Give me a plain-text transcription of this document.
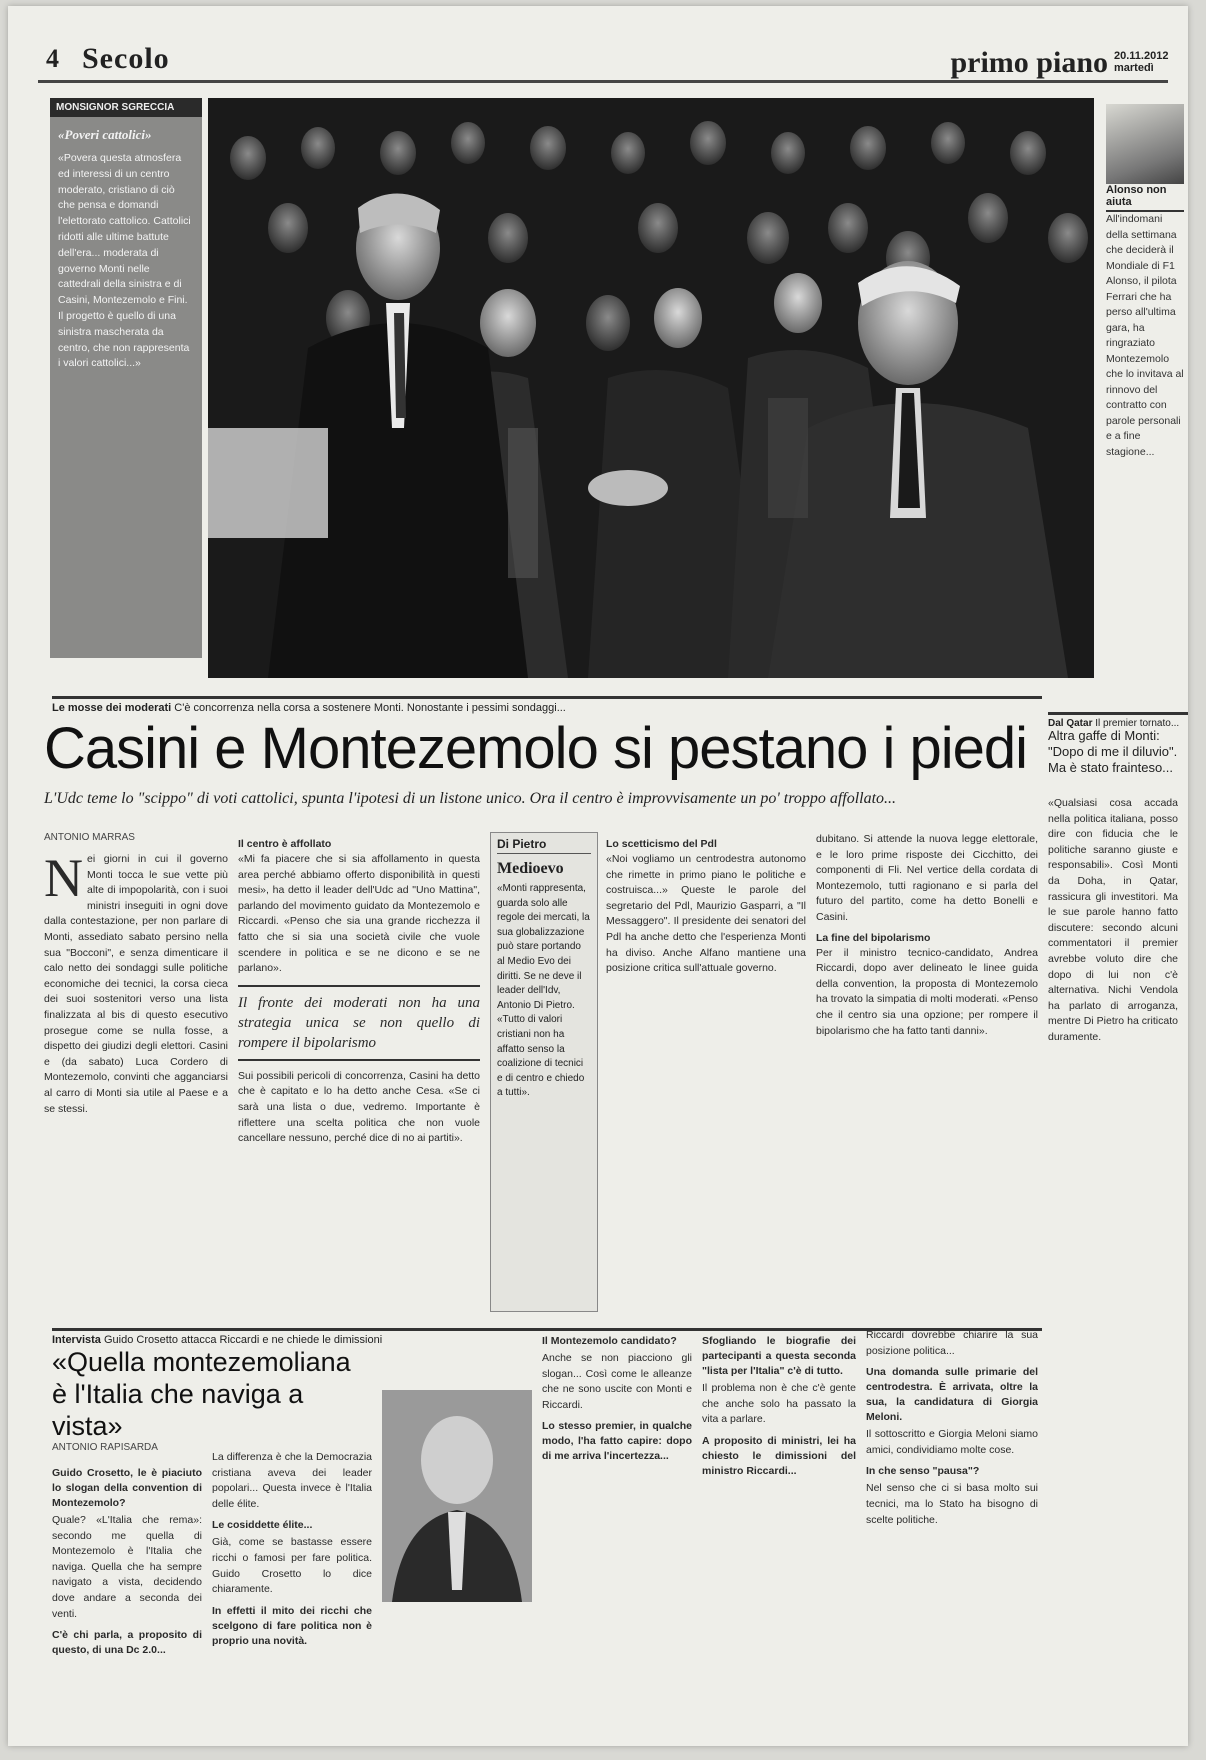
4 Secolo	primo piano 20.11.2012 martedì
MONSIGNOR SGRECCIA
«Poveri cattolici»
«Povera questa atmosfera ed interessi di un centro moderato, cristiano di ciò che pensa e domandi l'elettorato cattolico. Cattolici ridotti alle ultime battute dell'era... moderata di governo Monti nelle cattedrali della sinistra e di Casini, Montezemolo e Fini. Il progetto è quello di una sinistra mascherata da centro, che non rappresenta i valori cattolici...»
Alonso non aiuta
All'indomani della settimana che deciderà il Mondiale di F1 Alonso, il pilota Ferrari che ha perso all'ultima gara, ha ringraziato Montezemolo che lo invitava al rinnovo del contratto con parole personali e a fine stagione...
Le mosse dei moderati C'è concorrenza nella corsa a sostenere Monti. Nonostante i pessimi sondaggi...
Casini e Montezemolo si pestano i piedi
L'Udc teme lo "scippo" di voti cattolici, spunta l'ipotesi di un listone unico. Ora il centro è improvvisamente un po' troppo affollato...
ANTONIO MARRAS
N ei giorni in cui il governo Monti tocca le sue vette più alte di impopolarità, con i suoi ministri inseguiti in ogni dove dalla contestazione, per non parlare di Monti, assediato sabato persino nella sua "Bocconi", e senza dimenticare il calo netto dei sondaggi sulle politiche economiche dei tecnici, la corsa cieca dei suoi sostenitori verso una lista finalizzata al bis di questo esecutivo prosegue come se nulla fosse, a dispetto dei giudizi degli elettori. Casini e (da sabato) Luca Cordero di Montezemolo, convinti che agganciarsi al carro di Monti sia utile al Paese e a se stessi.
Il centro è affollato

«Mi fa piacere che si sia affollamento in questa area perché abbiamo offerto disponibilità in questi mesi», ha detto il leader dell'Udc ad "Uno Mattina", parlando del movimento guidato da Montezemolo e Riccardi. «Penso che sia una grande ricchezza il fatto che si sia una società civile che vuole scendere in politica e se ne dicono e se ne parlano».

Il fronte dei moderati non ha una strategia unica se non quello di rompere il bipolarismo

Sui possibili pericoli di concorrenza, Casini ha detto che è capitato e lo ha detto anche Cesa. «Se ci sarà una lista o due, vedremo. Importante è riflettere una scelta politica che non vuole cancellare nessuno, perché dice di no ai partiti».

Di Pietro
Medioevo
«Monti rappresenta, guarda solo alle regole dei mercati, la sua globalizzazione può stare portando al Medio Evo dei diritti. Se ne deve il leader dell'Idv, Antonio Di Pietro. «Tutto di valori cristiani non ha affatto senso la coalizione di tecnici e di centro e chiedo a tutti».
Lo scetticismo del Pdl

«Noi vogliamo un centrodestra autonomo che rimette in primo piano le politiche e costruisca...» Queste le parole del segretario del Pdl, Maurizio Gasparri, a "Il Messaggero". Il presidente dei senatori del Pdl ha anche detto che l'esperienza Monti ha diviso. Anche Alfano mantiene una posizione critica sull'attuale governo.

dubitano. Si attende la nuova legge elettorale, e le loro prime risposte dei Cicchitto, dei componenti di Fli. Nel vertice della cordata di Montezemolo, tutti ragionano e si parla del futuro del partito, come ha detto Bonelli e Casini.

La fine del bipolarismo

Per il ministro tecnico-candidato, Andrea Riccardi, dopo aver delineato le linee guida della convention, la proposta di Montezemolo ha trovato la simpatia di molti moderati. «Penso che il centro sia una opzione; per rompere il bipolarismo che ha fatto tanti danni».

Dal Qatar Il premier tornato...
Altra gaffe di Monti: "Dopo di me il diluvio". Ma è stato frainteso...
«Qualsiasi cosa accada nella politica italiana, posso dire con fiducia che le politiche saranno giuste e responsabili». Così Monti da Doha, in Qatar, rassicura gli investitori. Ma le sue parole hanno fatto discutere: secondo alcuni commentatori il premier avrebbe voluto dire che dopo di lui non c'è alternativa. Nichi Vendola ha parlato di arroganza, mentre Di Pietro ha criticato duramente.
Intervista Guido Crosetto attacca Riccardi e ne chiede le dimissioni
«Quella montezemoliana è l'Italia che naviga a vista»
ANTONIO RAPISARDA
Guido Crosetto, le è piaciuto lo slogan della convention di Montezemolo?

Quale? «L'Italia che rema»: secondo me quella di Montezemolo è l'Italia che naviga. Quella che ha sempre navigato a vista, decidendo dove andare a seconda dei venti.

C'è chi parla, a proposito di questo, di una Dc 2.0...

La differenza è che la Democrazia cristiana aveva dei leader popolari... Questa invece è l'Italia delle élite.

Le cosiddette élite...

Già, come se bastasse essere ricchi o famosi per fare politica. Guido Crosetto lo dice chiaramente.

In effetti il mito dei ricchi che scelgono di fare politica non è proprio una novità.
Il Montezemolo candidato?

Anche se non piacciono gli slogan... Così come le alleanze che ne sono uscite con Monti e Riccardi.

Lo stesso premier, in qualche modo, l'ha fatto capire: dopo di me arriva l'incertezza...
Sfogliando le biografie dei partecipanti a questa seconda "lista per l'Italia" c'è di tutto.

Il problema non è che c'è gente che anche solo ha passato la vita a parlare.

A proposito di ministri, lei ha chiesto le dimissioni del ministro Riccardi...

Riccardi dovrebbe chiarire la sua posizione politica...

Una domanda sulle primarie del centrodestra. È arrivata, oltre la sua, la candidatura di Giorgia Meloni.

Il sottoscritto e Giorgia Meloni siamo amici, condividiamo molte cose.

In che senso "pausa"?

Nel senso che ci si basa molto sui tecnici, ma lo Stato ha bisogno di scelte politiche.
